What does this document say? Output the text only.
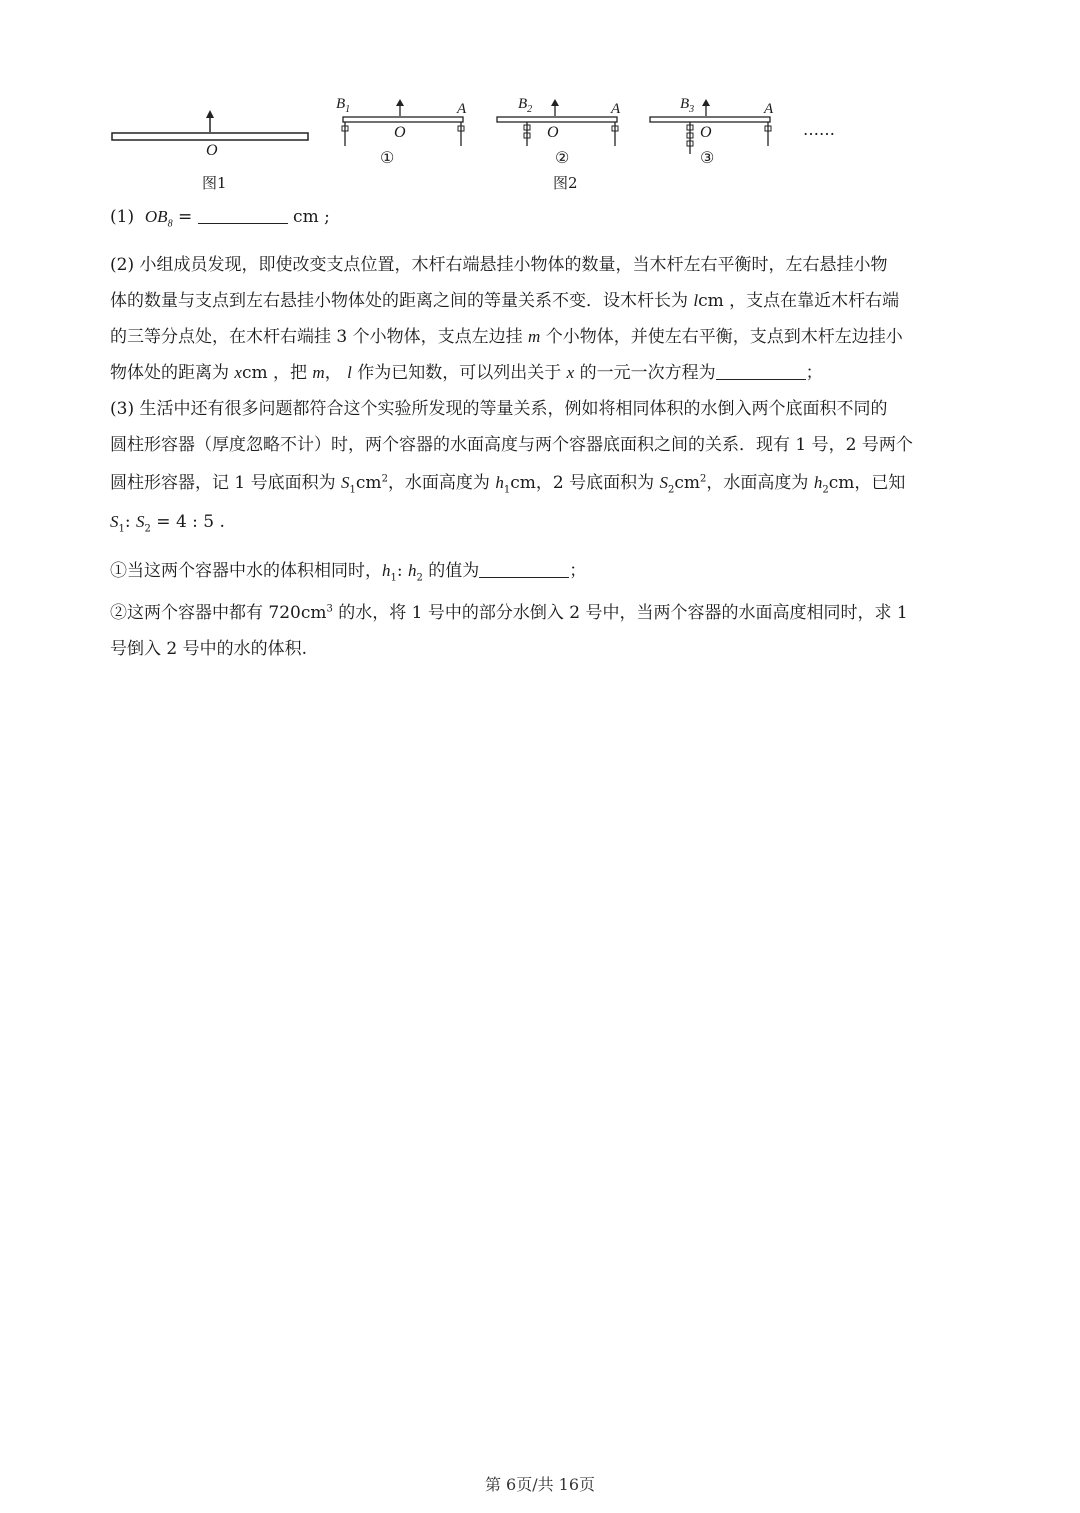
O
图1
$B_1$
O
A
①
$B_2$
O
A
②
图2
$B_3$
O
A
③
……
(1) $OB_8$ =	cm ;
(2) 小组成员发现，即使改变支点位置，木杆右端悬挂小物体的数量，当木杆左右平衡时，左右悬挂小物
体的数量与支点到左右悬挂小物体处的距离之间的等量关系不变．设木杆长为 lcm ，支点在靠近木杆右端
的三等分点处，在木杆右端挂 3 个小物体，支点左边挂 m 个小物体，并使左右平衡，支点到木杆左边挂小
物体处的距离为 xcm ，把 m， l 作为已知数，可以列出关于 x 的一元一次方程为	；
(3) 生活中还有很多问题都符合这个实验所发现的等量关系，例如将相同体积的水倒入两个底面积不同的
圆柱形容器（厚度忽略不计）时，两个容器的水面高度与两个容器底面积之间的关系．现有 1 号，2 号两个
圆柱形容器，记 1 号底面积为 $S_1cm^2$，水面高度为 $h_1cm$，2 号底面积为 $S_2cm^2$，水面高度为 $h_2cm$，已知
$S_1$: $S_2 = 4$ : 5 .
①当这两个容器中水的体积相同时，$h_1$: $h_2$ 的值为	；
②这两个容器中都有 $720cm^3$ 的水，将 1 号中的部分水倒入 2 号中，当两个容器的水面高度相同时，求 1
号倒入 2 号中的水的体积.
第 6页/共 16页
